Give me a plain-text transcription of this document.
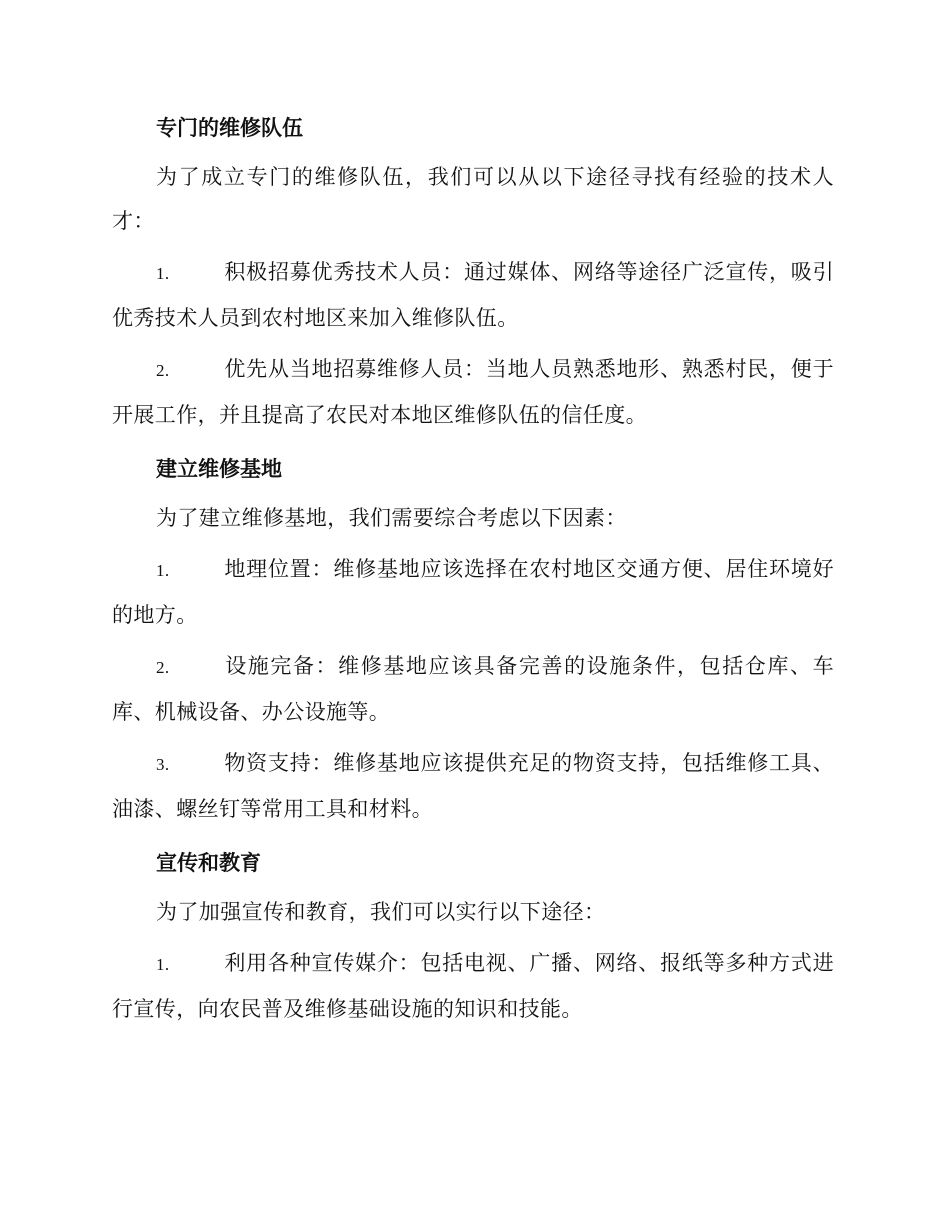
专门的维修队伍

为了成立专门的维修队伍，我们可以从以下途径寻找有经验的技术人才：

1.	积极招募优秀技术人员：通过媒体、网络等途径广泛宣传，吸引优秀技术人员到农村地区来加入维修队伍。

2.	优先从当地招募维修人员：当地人员熟悉地形、熟悉村民，便于开展工作，并且提高了农民对本地区维修队伍的信任度。

建立维修基地

为了建立维修基地，我们需要综合考虑以下因素：

1.	地理位置：维修基地应该选择在农村地区交通方便、居住环境好的地方。

2.	设施完备：维修基地应该具备完善的设施条件，包括仓库、车库、机械设备、办公设施等。

3.	物资支持：维修基地应该提供充足的物资支持，包括维修工具、油漆、螺丝钉等常用工具和材料。

宣传和教育

为了加强宣传和教育，我们可以实行以下途径：

1.	利用各种宣传媒介：包括电视、广播、网络、报纸等多种方式进行宣传，向农民普及维修基础设施的知识和技能。
